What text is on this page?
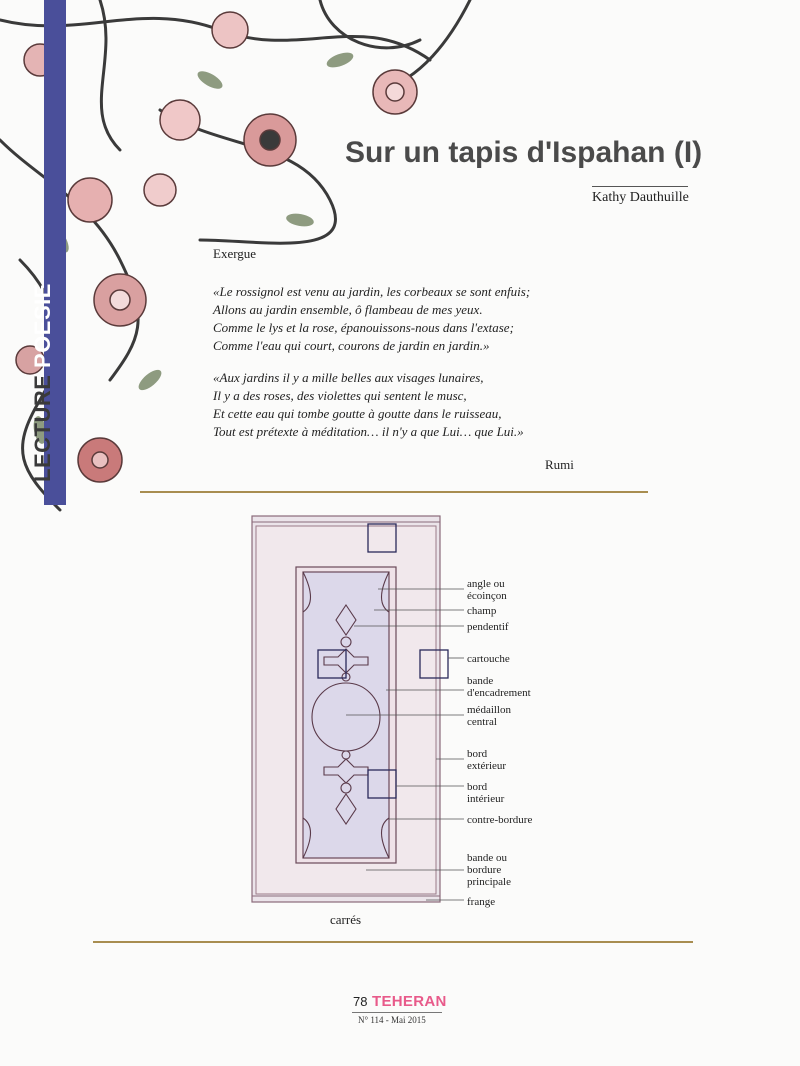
LECTURE POESIE
Sur un tapis d'Ispahan (I)
Kathy Dauthuille
Exergue
«Le rossignol est venu au jardin, les corbeaux se sont enfuis;
Allons au jardin ensemble, ô flambeau de mes yeux.
Comme le lys et la rose, épanouissons-nous dans l'extase;
Comme l'eau qui court, courons de jardin en jardin.»
«Aux jardins il y a mille belles aux visages lunaires,
Il y a des roses, des violettes qui sentent le musc,
Et cette eau qui tombe goutte à goutte dans le ruisseau,
Tout est prétexte à méditation… il n'y a que Lui… que Lui.»
Rumi
angle ou
écoinçon
champ
pendentif
cartouche
bande
d'encadrement
médaillon
central
bord
extérieur
bord
intérieur
contre-bordure
bande ou
bordure
principale
frange
carrés
78 TEHERAN
N° 114 - Mai 2015
